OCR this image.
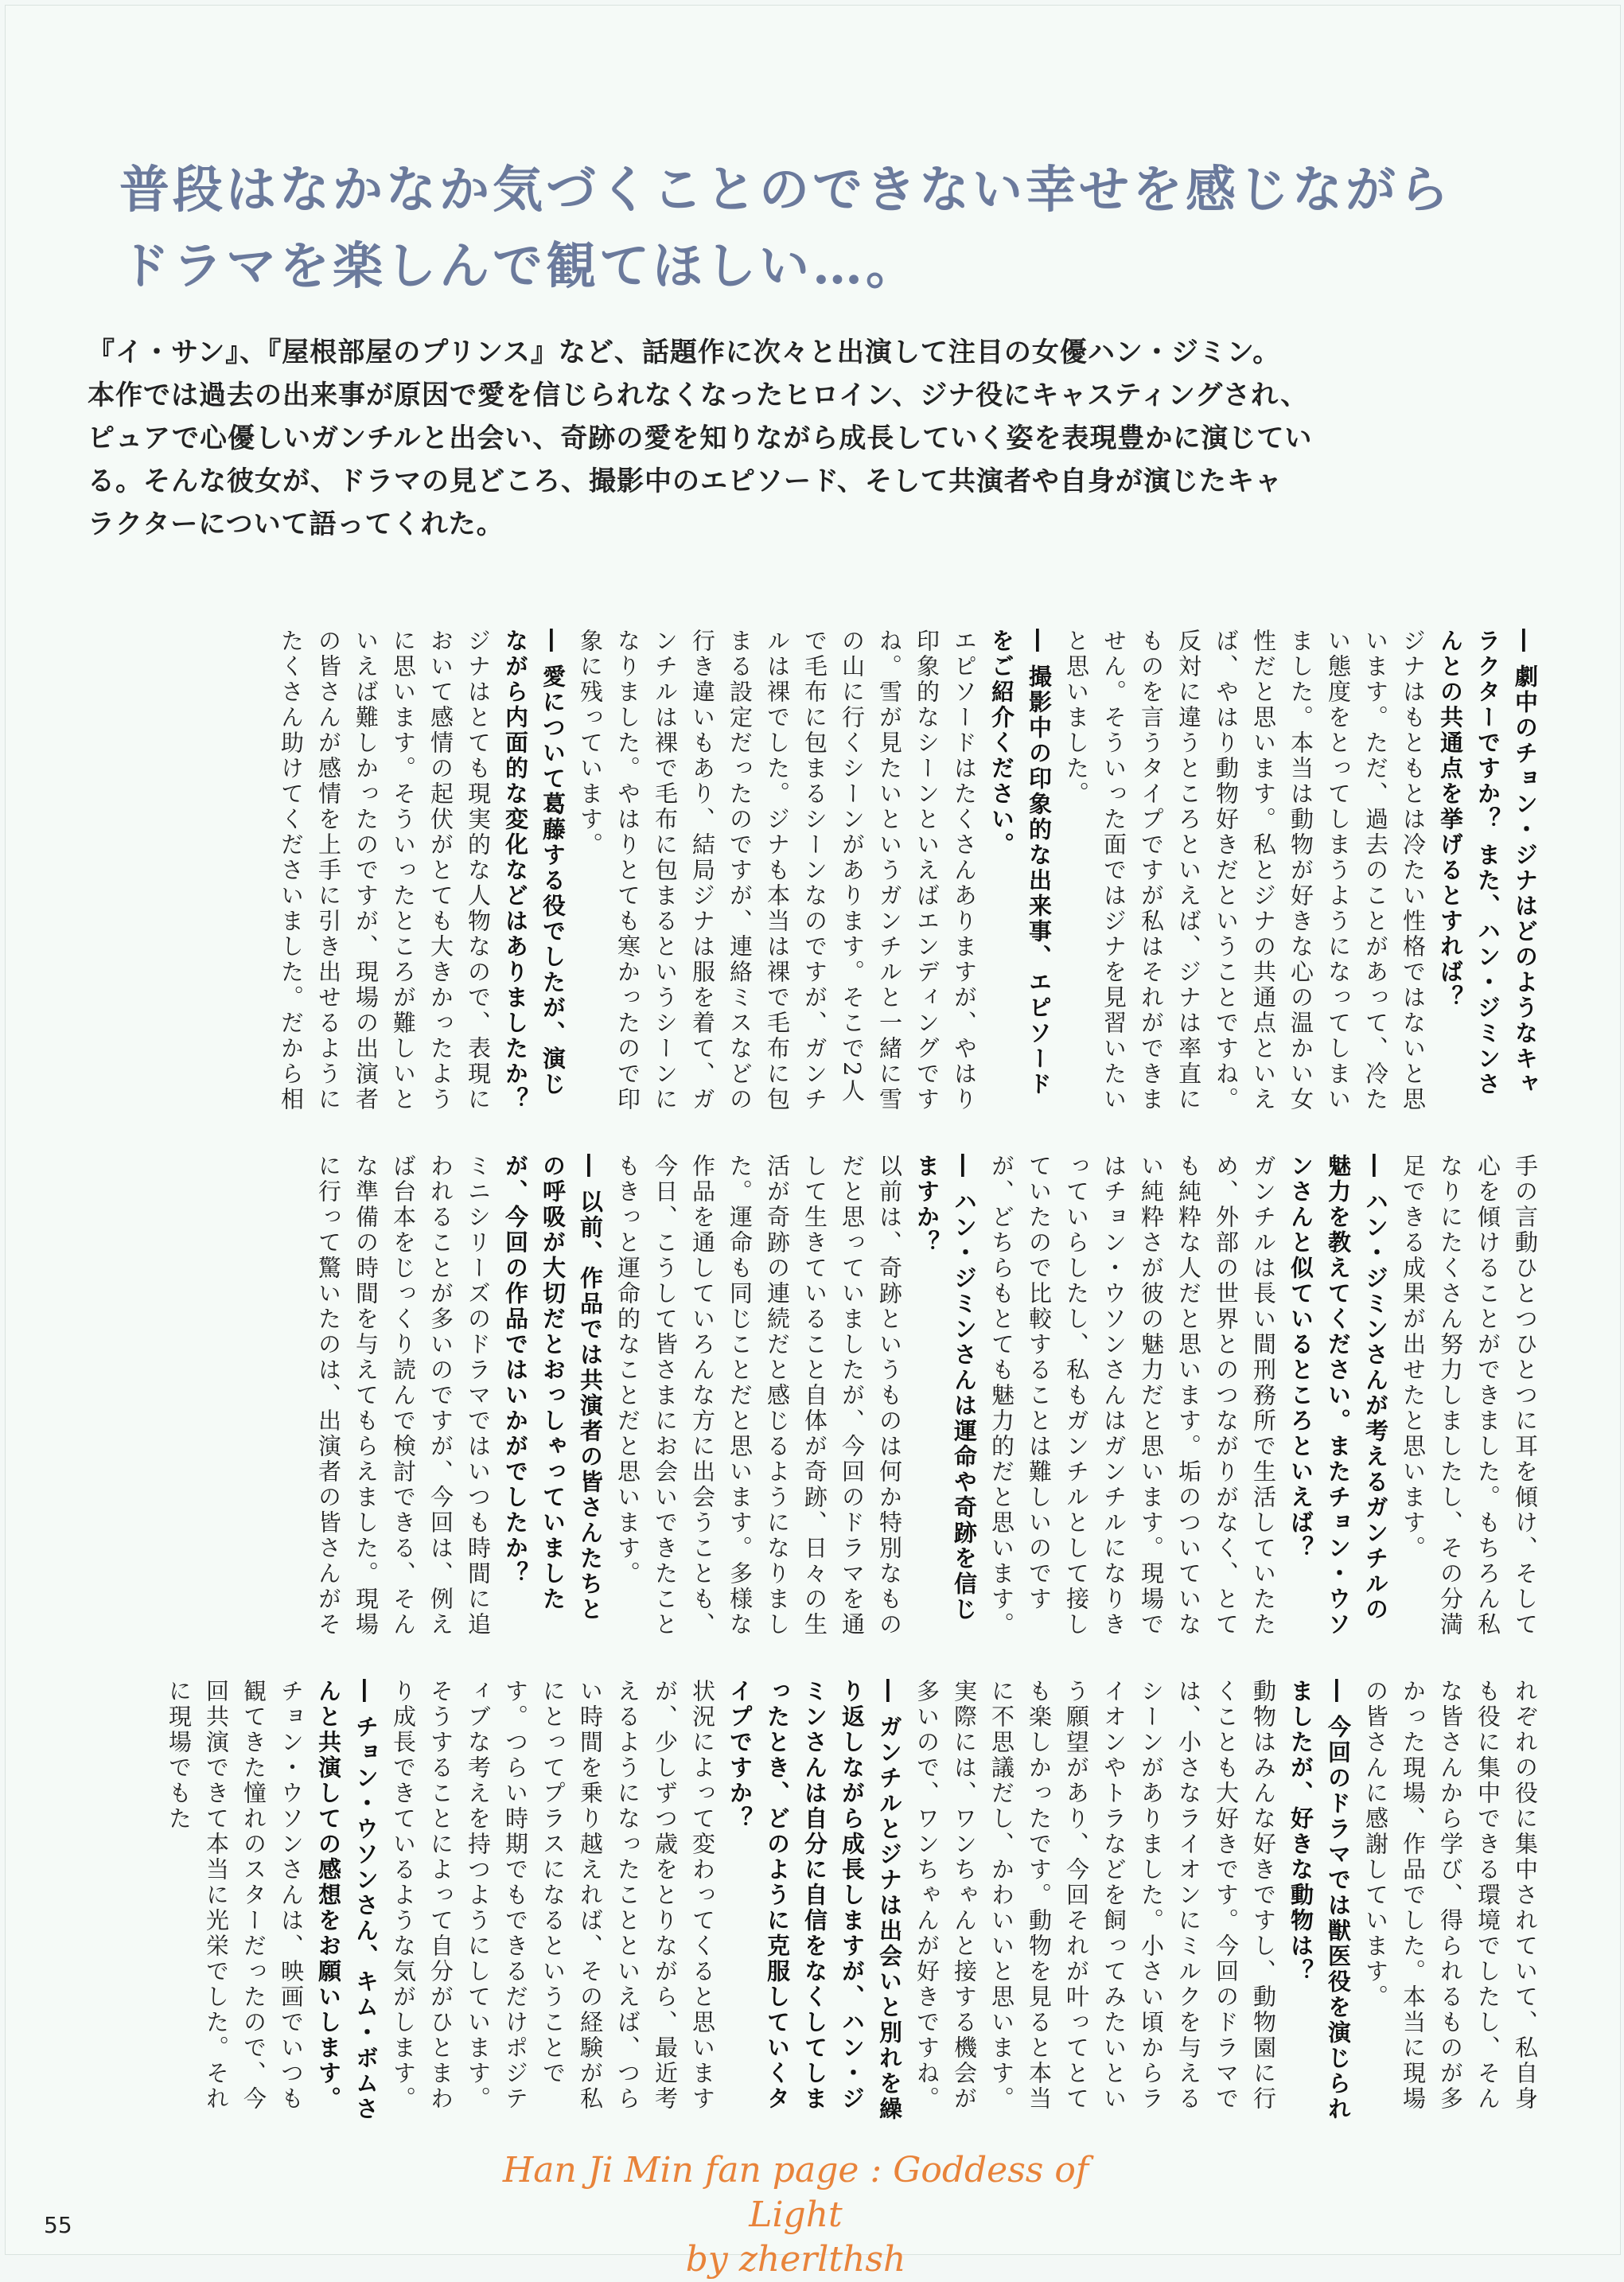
普段はなかなか気づくことのできない幸せを感じながら
ドラマを楽しんで観てほしい…。

『イ・サン』、『屋根部屋のプリンス』など、話題作に次々と出演して注目の女優ハン・ジミン。
本作では過去の出来事が原因で愛を信じられなくなったヒロイン、ジナ役にキャスティングされ、
ピュアで心優しいガンチルと出会い、奇跡の愛を知りながら成長していく姿を表現豊かに演じてい
る。そんな彼女が、ドラマの見どころ、撮影中のエピソード、そして共演者や自身が演じたキャ
ラクターについて語ってくれた。

― 劇中のチョン・ジナはどのようなキャラクターですか？ また、ハン・ジミンさんとの共通点を挙げるとすれば？
ジナはもともとは冷たい性格ではないと思います。ただ、過去のことがあって、冷たい態度をとってしまうようになってしまいました。本当は動物が好きな心の温かい女性だと思います。私とジナの共通点といえば、やはり動物好きだということですね。反対に違うところといえば、ジナは率直にものを言うタイプですが私はそれができません。そういった面ではジナを見習いたいと思いました。
― 撮影中の印象的な出来事、エピソードをご紹介ください。
エピソードはたくさんありますが、やはり印象的なシーンといえばエンディングですね。雪が見たいというガンチルと一緒に雪の山に行くシーンがあります。そこで2人で毛布に包まるシーンなのですが、ガンチルは裸でした。ジナも本当は裸で毛布に包まる設定だったのですが、連絡ミスなどの行き違いもあり、結局ジナは服を着て、ガンチルは裸で毛布に包まるというシーンになりました。やはりとても寒かったので印象に残っています。
― 愛について葛藤する役でしたが、演じながら内面的な変化などはありましたか？
ジナはとても現実的な人物なので、表現において感情の起伏がとても大きかったように思います。そういったところが難しいといえば難しかったのですが、現場の出演者の皆さんが感情を上手に引き出せるようにたくさん助けてくださいました。だから相
手の言動ひとつひとつに耳を傾け、そして心を傾けることができました。もちろん私なりにたくさん努力しましたし、その分満足できる成果が出せたと思います。
― ハン・ジミンさんが考えるガンチルの魅力を教えてください。またチョン・ウソンさんと似ているところといえば？
ガンチルは長い間刑務所で生活していたため、外部の世界とのつながりがなく、とても純粋な人だと思います。垢のついていない純粋さが彼の魅力だと思います。現場ではチョン・ウソンさんはガンチルになりきっていらしたし、私もガンチルとして接していたので比較することは難しいのですが、どちらもとても魅力的だと思います。
― ハン・ジミンさんは運命や奇跡を信じますか？
以前は、奇跡というものは何か特別なものだと思っていましたが、今回のドラマを通して生きていること自体が奇跡、日々の生活が奇跡の連続だと感じるようになりました。運命も同じことだと思います。多様な作品を通していろんな方に出会うことも、今日、こうして皆さまにお会いできたこともきっと運命的なことだと思います。
― 以前、作品では共演者の皆さんたちとの呼吸が大切だとおっしゃっていましたが、今回の作品ではいかがでしたか？
ミニシリーズのドラマではいつも時間に追われることが多いのですが、今回は、例えば台本をじっくり読んで検討できる、そんな準備の時間を与えてもらえました。現場に行って驚いたのは、出演者の皆さんがそ
れぞれの役に集中されていて、私自身も役に集中できる環境でしたし、そんな皆さんから学び、得られるものが多かった現場、作品でした。本当に現場の皆さんに感謝しています。
― 今回のドラマでは獣医役を演じられましたが、好きな動物は？
動物はみんな好きですし、動物園に行くことも大好きです。今回のドラマでは、小さなライオンにミルクを与えるシーンがありました。小さい頃からライオンやトラなどを飼ってみたいという願望があり、今回それが叶ってとても楽しかったです。動物を見ると本当に不思議だし、かわいいと思います。実際には、ワンちゃんと接する機会が多いので、ワンちゃんが好きですね。
― ガンチルとジナは出会いと別れを繰り返しながら成長しますが、ハン・ジミンさんは自分に自信をなくしてしまったとき、どのように克服していくタイプですか？
状況によって変わってくると思いますが、少しずつ歳をとりながら、最近考えるようになったことといえば、つらい時間を乗り越えれば、その経験が私にとってプラスになるということです。つらい時期でもできるだけポジティブな考えを持つようにしています。そうすることによって自分がひとまわり成長できているような気がします。
― チョン・ウソンさん、キム・ボムさんと共演しての感想をお願いします。
チョン・ウソンさんは、映画でいつも観てきた憧れのスターだったので、今回共演できて本当に光栄でした。それに現場でもた
55

Han Ji Min fan page : Goddess of Light
by zherlthsh
